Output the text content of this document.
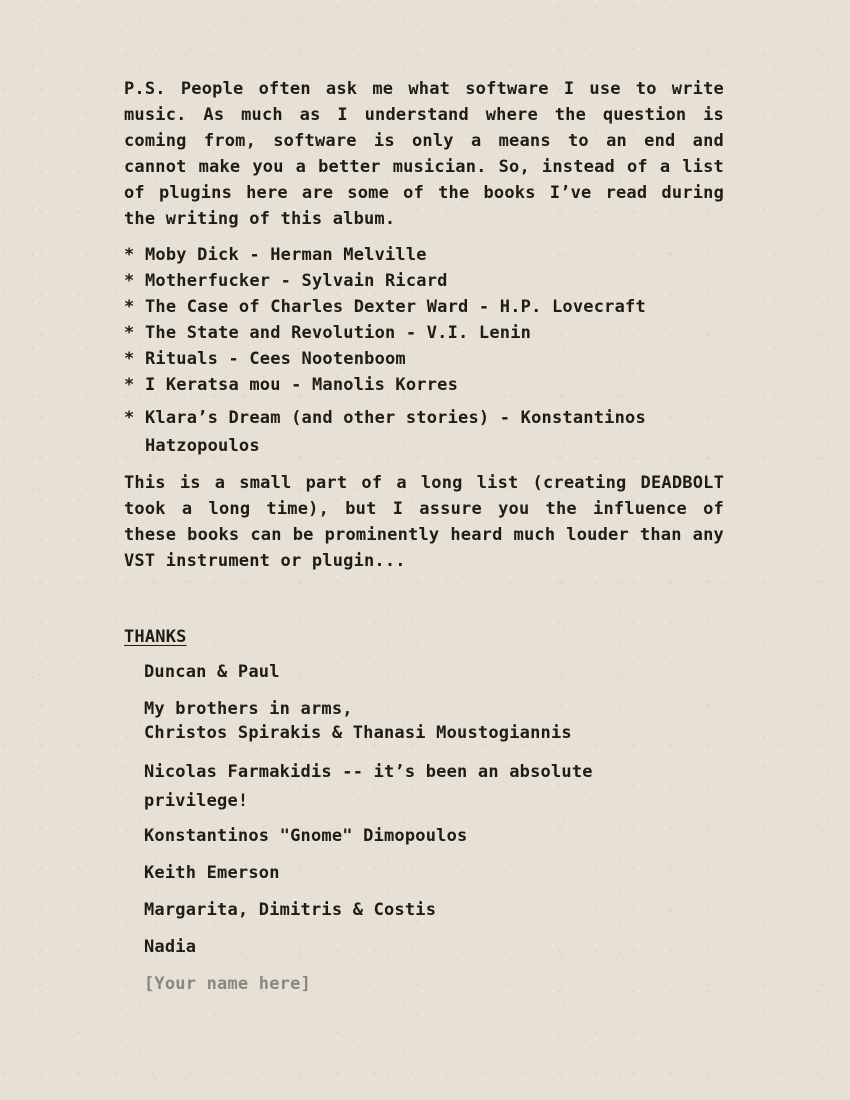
P.S. People often ask me what software I use to write music. As much as I understand where the question is coming from, software is only a means to an end and cannot make you a better musician. So, instead of a list of plugins here are some of the books I’ve read during the writing of this album.

* Moby Dick - Herman Melville
* Motherfucker - Sylvain Ricard
* The Case of Charles Dexter Ward - H.P. Lovecraft
* The State and Revolution - V.I. Lenin
* Rituals - Cees Nootenboom
* I Keratsa mou - Manolis Korres
* Klara’s Dream (and other stories) - Konstantinos Hatzopoulos

This is a small part of a long list (creating DEADBOLT took a long time), but I assure you the influence of these books can be prominently heard much louder than any VST instrument or plugin...

THANKS
Duncan & Paul
My brothers in arms,
Christos Spirakis & Thanasi Moustogiannis
Nicolas Farmakidis -- it’s been an absolute privilege!
Konstantinos "Gnome" Dimopoulos
Keith Emerson
Margarita, Dimitris & Costis
Nadia
[Your name here]
